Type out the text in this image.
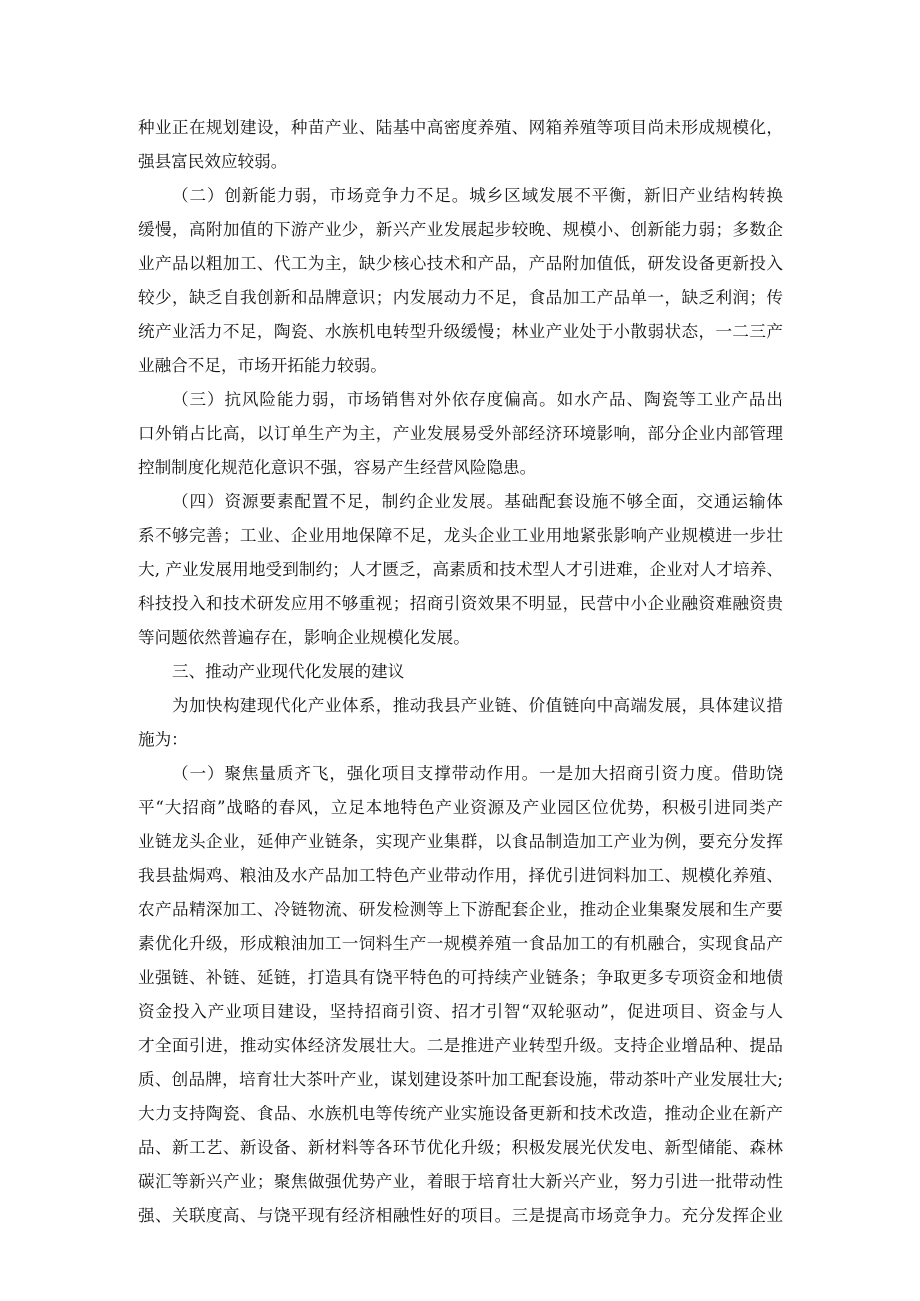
种业正在规划建设，种苗产业、陆基中高密度养殖、网箱养殖等项目尚未形成规模化，
强县富民效应较弱。
（二）创新能力弱，市场竞争力不足。城乡区域发展不平衡，新旧产业结构转换
缓慢，高附加值的下游产业少，新兴产业发展起步较晚、规模小、创新能力弱；多数企
业产品以粗加工、代工为主，缺少核心技术和产品，产品附加值低，研发设备更新投入
较少，缺乏自我创新和品牌意识；内发展动力不足，食品加工产品单一，缺乏利润；传
统产业活力不足，陶瓷、水族机电转型升级缓慢；林业产业处于小散弱状态，一二三产
业融合不足，市场开拓能力较弱。
（三）抗风险能力弱，市场销售对外依存度偏高。如水产品、陶瓷等工业产品出
口外销占比高，以订单生产为主，产业发展易受外部经济环境影响，部分企业内部管理
控制制度化规范化意识不强，容易产生经营风险隐患。
（四）资源要素配置不足，制约企业发展。基础配套设施不够全面，交通运输体
系不够完善；工业、企业用地保障不足，龙头企业工业用地紧张影响产业规模进一步壮
大, 产业发展用地受到制约；人才匮乏，高素质和技术型人才引进难，企业对人才培养、
科技投入和技术研发应用不够重视；招商引资效果不明显，民营中小企业融资难融资贵
等问题依然普遍存在，影响企业规模化发展。
三、推动产业现代化发展的建议
为加快构建现代化产业体系，推动我县产业链、价值链向中高端发展，具体建议措
施为：
（一）聚焦量质齐飞，强化项目支撑带动作用。一是加大招商引资力度。借助饶
平“大招商”战略的春风，立足本地特色产业资源及产业园区位优势，积极引进同类产
业链龙头企业，延伸产业链条，实现产业集群，以食品制造加工产业为例，要充分发挥
我县盐焗鸡、粮油及水产品加工特色产业带动作用，择优引进饲料加工、规模化养殖、
农产品精深加工、冷链物流、研发检测等上下游配套企业，推动企业集聚发展和生产要
素优化升级，形成粮油加工一饲料生产一规模养殖一食品加工的有机融合，实现食品产
业强链、补链、延链，打造具有饶平特色的可持续产业链条；争取更多专项资金和地债
资金投入产业项目建设，坚持招商引资、招才引智“双轮驱动”，促进项目、资金与人
才全面引进，推动实体经济发展壮大。二是推进产业转型升级。支持企业增品种、提品
质、创品牌，培育壮大茶叶产业，谋划建设茶叶加工配套设施，带动茶叶产业发展壮大;
大力支持陶瓷、食品、水族机电等传统产业实施设备更新和技术改造，推动企业在新产
品、新工艺、新设备、新材料等各环节优化升级；积极发展光伏发电、新型储能、森林
碳汇等新兴产业；聚焦做强优势产业，着眼于培育壮大新兴产业，努力引进一批带动性
强、关联度高、与饶平现有经济相融性好的项目。三是提高市场竞争力。充分发挥企业
